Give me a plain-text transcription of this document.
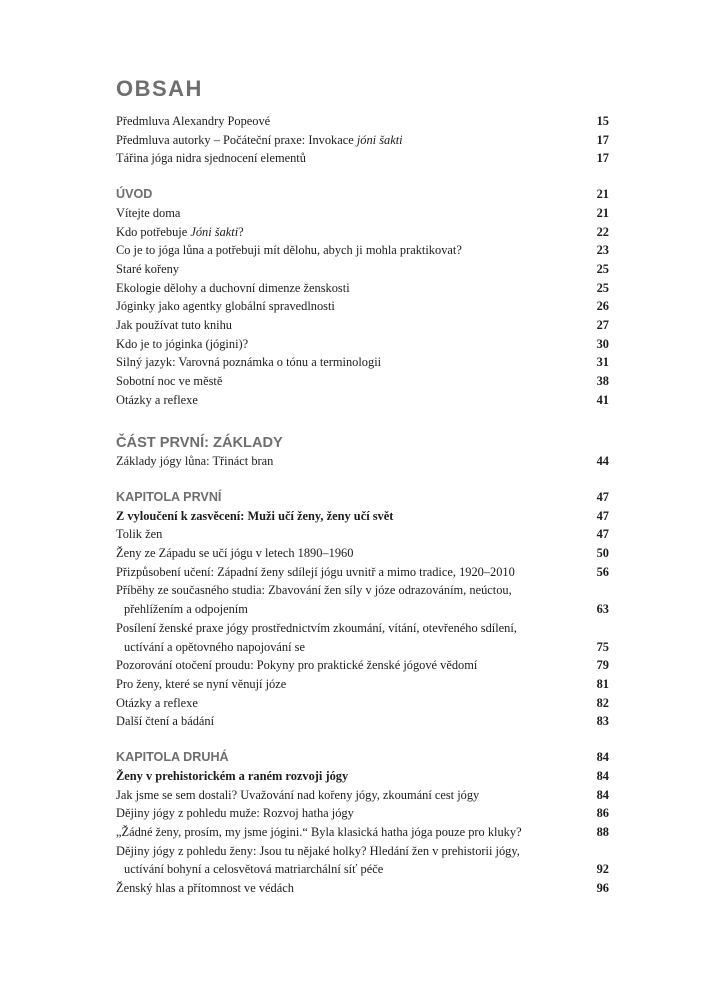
OBSAH
Předmluva Alexandry Popeové	15
Předmluva autorky – Počáteční praxe: Invokace jóni šakti	17
Tářina jóga nidra sjednocení elementů	17
ÚVOD	21
Vítejte doma	21
Kdo potřebuje Jóni šakti?	22
Co je to jóga lůna a potřebuji mít dělohu, abych ji mohla praktikovat?	23
Staré kořeny	25
Ekologie dělohy a duchovní dimenze ženskosti	25
Jóginky jako agentky globální spravedlnosti	26
Jak používat tuto knihu	27
Kdo je to jóginka (jógini)?	30
Silný jazyk: Varovná poznámka o tónu a terminologii	31
Sobotní noc ve městě	38
Otázky a reflexe	41
ČÁST PRVNÍ: ZÁKLADY
Základy jógy lůna: Třináct bran	44
KAPITOLA PRVNÍ	47
Z vyloučení k zasvěcení: Muži učí ženy, ženy učí svět	47
Tolik žen	47
Ženy ze Západu se učí jógu v letech 1890–1960	50
Přizpůsobení učení: Západní ženy sdílejí jógu uvnitř a mimo tradice, 1920–2010	56
Příběhy ze současného studia: Zbavování žen síly v józe odrazováním, neúctou,
přehlížením a odpojením	63
Posílení ženské praxe jógy prostřednictvím zkoumání, vítání, otevřeného sdílení,
uctívání a opětovného napojování se	75
Pozorování otočení proudu: Pokyny pro praktické ženské jógové vědomí	79
Pro ženy, které se nyní věnují józe	81
Otázky a reflexe	82
Další čtení a bádání	83
KAPITOLA DRUHÁ	84
Ženy v prehistorickém a raném rozvoji jógy	84
Jak jsme se sem dostali? Uvažování nad kořeny jógy, zkoumání cest jógy	84
Dějiny jógy z pohledu muže: Rozvoj hatha jógy	86
„Žádné ženy, prosím, my jsme jógini.“ Byla klasická hatha jóga pouze pro kluky?	88
Dějiny jógy z pohledu ženy: Jsou tu nějaké holky? Hledání žen v prehistorii jógy,
uctívání bohyní a celosvětová matriarchální síť péče	92
Ženský hlas a přítomnost ve védách	96
